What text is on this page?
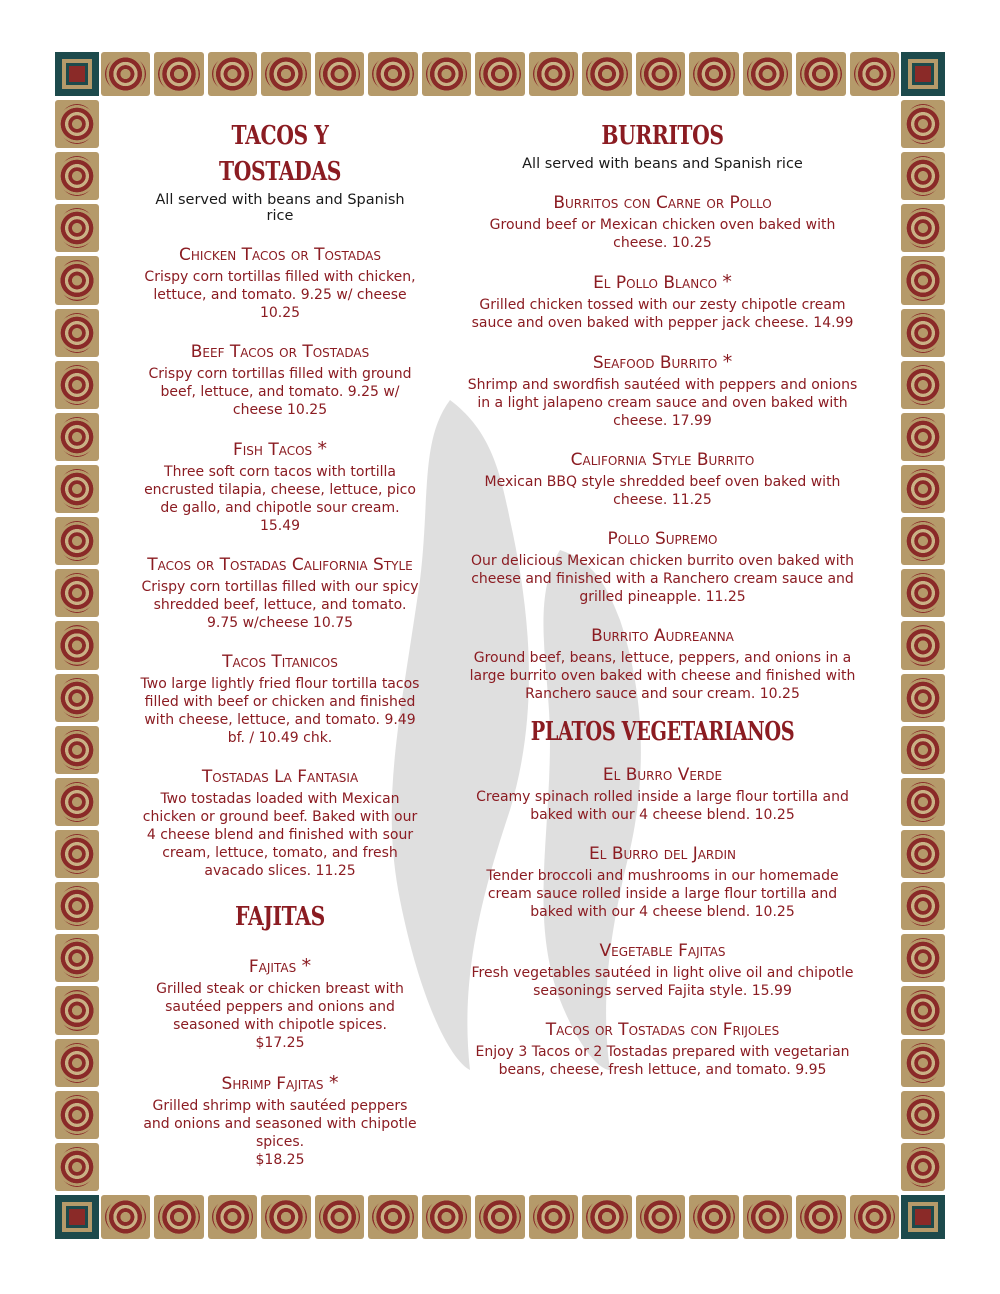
TACOS Y TOSTADAS

All served with beans and Spanish rice

Chicken Tacos or Tostadas

Crispy corn tortillas filled with chicken, lettuce, and tomato. 9.25 w/ cheese 10.25

Beef Tacos or Tostadas

Crispy corn tortillas filled with ground beef, lettuce, and tomato. 9.25 w/ cheese 10.25

Fish Tacos *

Three soft corn tacos with tortilla encrusted tilapia, cheese, lettuce, pico de gallo, and chipotle sour cream. 15.49

Tacos or Tostadas California Style

Crispy corn tortillas filled with our spicy shredded beef, lettuce, and tomato. 9.75 w/cheese 10.75

Tacos Titanicos

Two large lightly fried flour tortilla tacos filled with beef or chicken and finished with cheese, lettuce, and tomato. 9.49 bf. / 10.49 chk.

Tostadas La Fantasia

Two tostadas loaded with Mexican chicken or ground beef. Baked with our 4 cheese blend and finished with sour cream, lettuce, tomato, and fresh avacado slices. 11.25

FAJITAS

Fajitas *

Grilled steak or chicken breast with sautéed peppers and onions and seasoned with chipotle spices.

$17.25

Shrimp Fajitas *

Grilled shrimp with sautéed peppers and onions and seasoned with chipotle spices.

$18.25

BURRITOS

All served with beans and Spanish rice

Burritos con Carne or Pollo

Ground beef or Mexican chicken oven baked with cheese. 10.25

El Pollo Blanco *

Grilled chicken tossed with our zesty chipotle cream sauce and oven baked with pepper jack cheese. 14.99

Seafood Burrito *

Shrimp and swordfish sautéed with peppers and onions in a light jalapeno cream sauce and oven baked with cheese. 17.99

California Style Burrito

Mexican BBQ style shredded beef oven baked with cheese. 11.25

Pollo Supremo

Our delicious Mexican chicken burrito oven baked with cheese and finished with a Ranchero cream sauce and grilled pineapple. 11.25

Burrito Audreanna

Ground beef, beans, lettuce, peppers, and onions in a large burrito oven baked with cheese and finished with Ranchero sauce and sour cream. 10.25

PLATOS VEGETARIANOS

El Burro Verde

Creamy spinach rolled inside a large flour tortilla and baked with our 4 cheese blend. 10.25

El Burro del Jardin

Tender broccoli and mushrooms in our homemade cream sauce rolled inside a large flour tortilla and baked with our 4 cheese blend. 10.25

Vegetable Fajitas

Fresh vegetables sautéed in light olive oil and chipotle seasonings served Fajita style. 15.99

Tacos or Tostadas con Frijoles

Enjoy 3 Tacos or 2 Tostadas prepared with vegetarian beans, cheese, fresh lettuce, and tomato. 9.95
